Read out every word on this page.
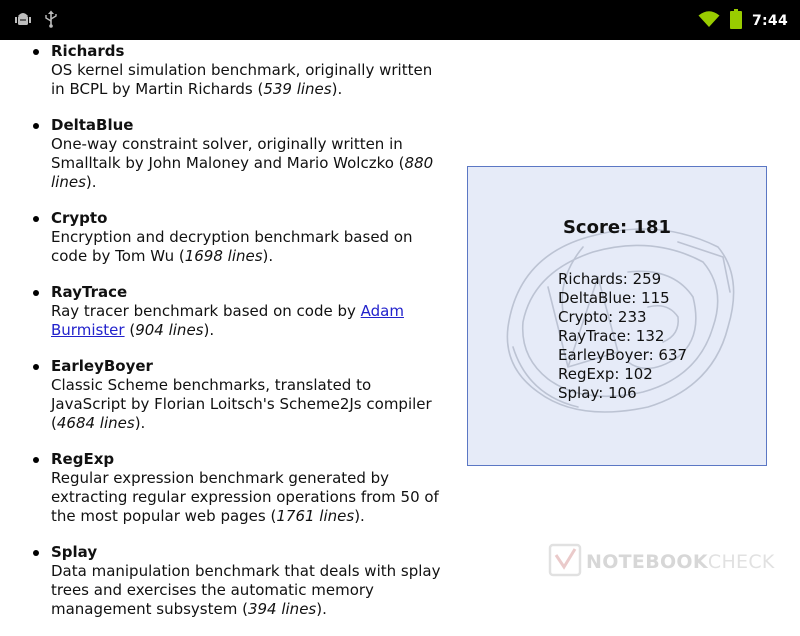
7:44
Richards
OS kernel simulation benchmark, originally written in BCPL by Martin Richards (539 lines).
DeltaBlue
One-way constraint solver, originally written in Smalltalk by John Maloney and Mario Wolczko (880 lines).
Crypto
Encryption and decryption benchmark based on code by Tom Wu (1698 lines).
RayTrace
Ray tracer benchmark based on code by Adam Burmister (904 lines).
EarleyBoyer
Classic Scheme benchmarks, translated to JavaScript by Florian Loitsch's Scheme2Js compiler (4684 lines).
RegExp
Regular expression benchmark generated by extracting regular expression operations from 50 of the most popular web pages (1761 lines).
Splay
Data manipulation benchmark that deals with splay trees and exercises the automatic memory management subsystem (394 lines).
Score: 181
Richards: 259
DeltaBlue: 115
Crypto: 233
RayTrace: 132
EarleyBoyer: 637
RegExp: 102
Splay: 106
NOTEBOOKCHECK
